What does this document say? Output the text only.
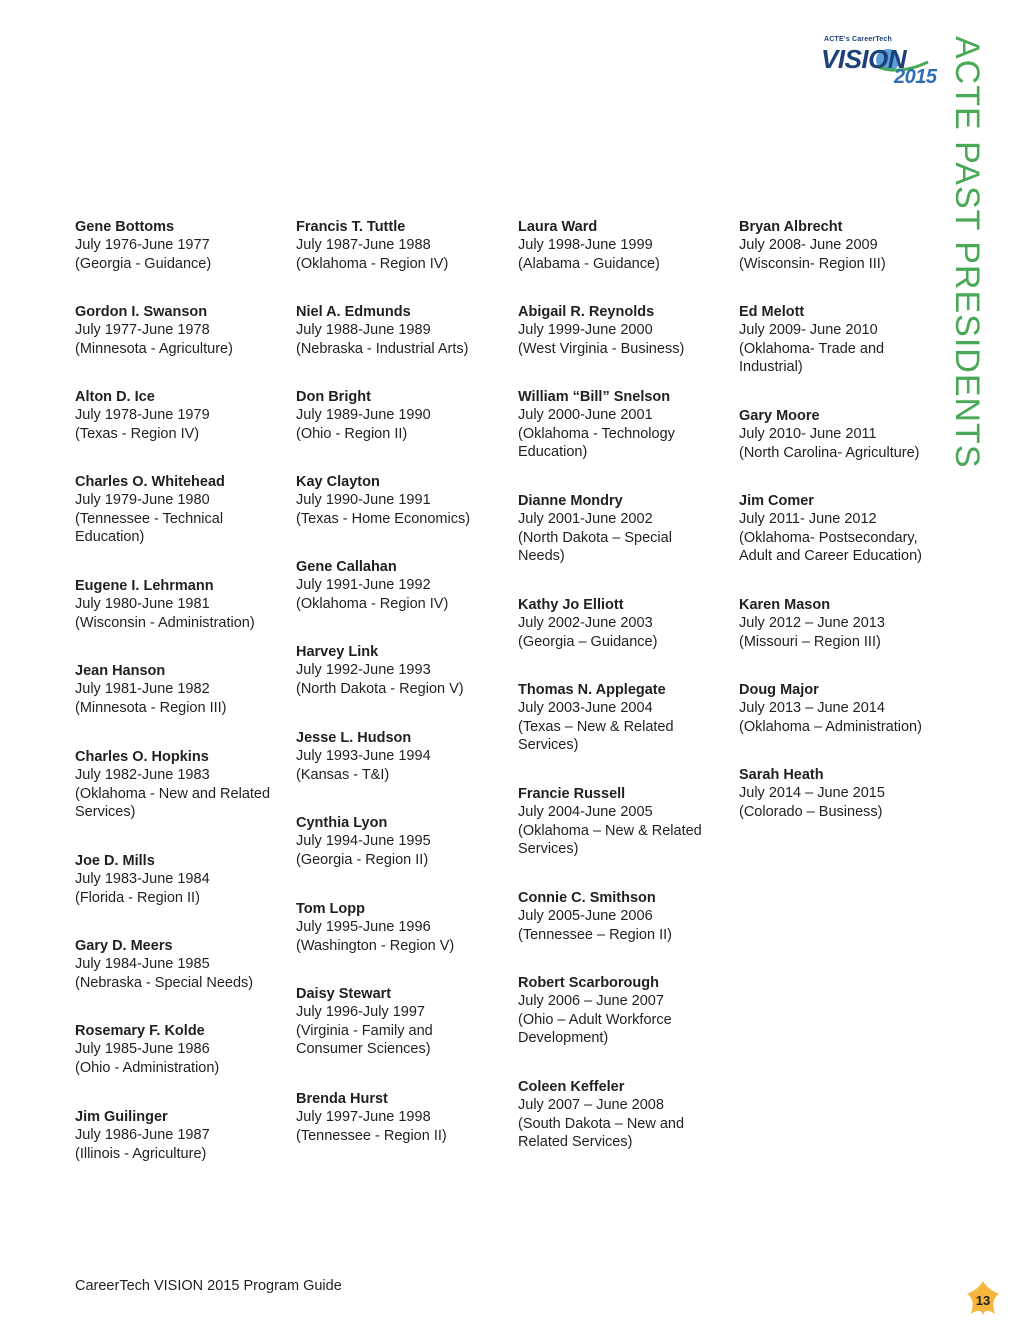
ACTE's CareerTech
VISION
2015 ACTE PAST PRESIDENTS
Gene Bottoms
July 1976-June 1977
(Georgia - Guidance)
Gordon I. Swanson
July 1977-June 1978
(Minnesota - Agriculture)
Alton D. Ice
July 1978-June 1979
(Texas - Region IV)
Charles O. Whitehead
July 1979-June 1980
(Tennessee - Technical
Education)
Eugene I. Lehrmann
July 1980-June 1981
(Wisconsin - Administration)
Jean Hanson
July 1981-June 1982
(Minnesota - Region III)
Charles O. Hopkins
July 1982-June 1983
(Oklahoma - New and Related
Services)
Joe D. Mills
July 1983-June 1984
(Florida - Region II)
Gary D. Meers
July 1984-June 1985
(Nebraska - Special Needs)
Rosemary F. Kolde
July 1985-June 1986
(Ohio - Administration)
Jim Guilinger
July 1986-June 1987
(Illinois - Agriculture)
Francis T. Tuttle
July 1987-June 1988
(Oklahoma - Region IV)
Niel A. Edmunds
July 1988-June 1989
(Nebraska - Industrial Arts)
Don Bright
July 1989-June 1990
(Ohio - Region II)
Kay Clayton
July 1990-June 1991
(Texas - Home Economics)
Gene Callahan
July 1991-June 1992
(Oklahoma - Region IV)
Harvey Link
July 1992-June 1993
(North Dakota - Region V)
Jesse L. Hudson
July 1993-June 1994
(Kansas - T&I)
Cynthia Lyon
July 1994-June 1995
(Georgia - Region II)
Tom Lopp
July 1995-June 1996
(Washington - Region V)
Daisy Stewart
July 1996-July 1997
(Virginia - Family and
Consumer Sciences)
Brenda Hurst
July 1997-June 1998
(Tennessee - Region II)
Laura Ward
July 1998-June 1999
(Alabama - Guidance)
Abigail R. Reynolds
July 1999-June 2000
(West Virginia - Business)
William “Bill” Snelson
July 2000-June 2001
(Oklahoma - Technology
Education)
Dianne Mondry
July 2001-June 2002
(North Dakota – Special
Needs)
Kathy Jo Elliott
July 2002-June 2003
(Georgia – Guidance)
Thomas N. Applegate
July 2003-June 2004
(Texas – New & Related
Services)
Francie Russell
July 2004-June 2005
(Oklahoma – New & Related
Services)
Connie C. Smithson
July 2005-June 2006
(Tennessee – Region II)
Robert Scarborough
July 2006 – June 2007
(Ohio – Adult Workforce
Development)
Coleen Keffeler
July 2007 – June 2008
(South Dakota – New and
Related Services)
Bryan Albrecht
July 2008- June 2009
(Wisconsin- Region III)
Ed Melott
July 2009- June 2010
(Oklahoma- Trade and
Industrial)
Gary Moore
July 2010- June 2011
(North Carolina- Agriculture)
Jim Comer
July 2011- June 2012
(Oklahoma- Postsecondary,
Adult and Career Education)
Karen Mason
July 2012 – June 2013
(Missouri – Region III)
Doug Major
July 2013 – June 2014
(Oklahoma – Administration)
Sarah Heath
July 2014 – June 2015
(Colorado – Business)
CareerTech VISION 2015 Program Guide
13
